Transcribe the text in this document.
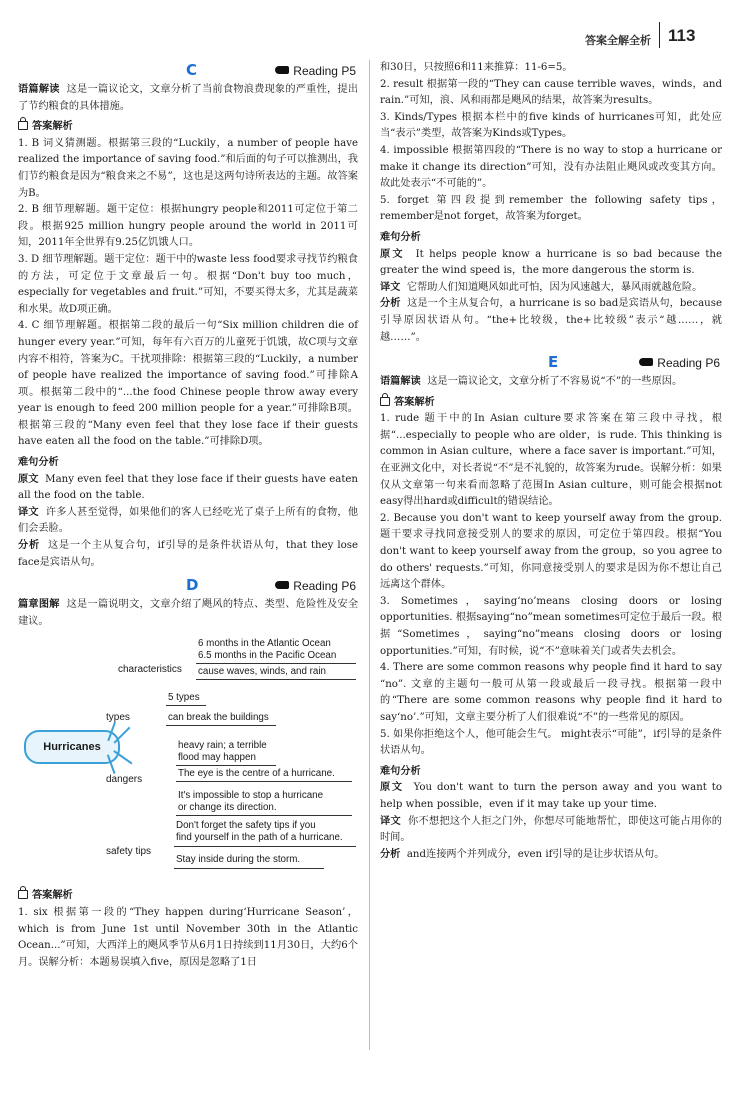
答案全解全析 113
C	Reading P5

语篇解读 这是一篇议论文，文章分析了当前食物浪费现象的严重性，提出了节约粮食的具体措施。

答案解析

1. B 词义猜测题。根据第三段的“Luckily，a number of people have realized the importance of saving food.”和后面的句子可以推测出，我们节约粮食是因为“粮食来之不易”，这也是这两句诗所表达的主题。故答案为B。

2. B 细节理解题。题干定位：根据hungry people和2011可定位于第二段。根据925 million hungry people around the world in 2011可知，2011年全世界有9.25亿饥饿人口。

3. D 细节理解题。题干定位：题干中的waste less food要求寻找节约粮食的方法，可定位于文章最后一句。根据“Don't buy too much，especially for vegetables and fruit.”可知，不要买得太多，尤其是蔬菜和水果。故D项正确。

4. C 细节理解题。根据第二段的最后一句“Six million children die of hunger every year.”可知，每年有六百万的儿童死于饥饿，故C项与文章内容不相符，答案为C。干扰项排除：根据第三段的“Luckily，a number of people have realized the importance of saving food.”可排除A项。根据第二段中的“...the food Chinese people throw away every year is enough to feed 200 million people for a year.”可排除B项。根据第三段的“Many even feel that they lose face if their guests have eaten all the food on the table.”可排除D项。

难句分析

原文 Many even feel that they lose face if their guests have eaten all the food on the table.

译文 许多人甚至觉得，如果他们的客人已经吃光了桌子上所有的食物，他们会丢脸。

分析 这是一个主从复合句，if引导的是条件状语从句，that they lose face是宾语从句。

D	Reading P6

篇章图解 这是一篇说明文，文章介绍了飓风的特点、类型、危险性及安全建议。

Hurricanes
characteristics
6 months in the Atlantic Ocean
6.5 months in the Pacific Ocean
cause waves, winds, and rain
types
5 types
can break the buildings
dangers
heavy rain; a terrible
flood may happen
The eye is the centre of a hurricane.
It's impossible to stop a hurricane
or change its direction.
safety tips
Don't forget the safety tips if you
find yourself in the path of a hurricane.
Stay inside during the storm.
答案解析

1. six 根据第一段的“They happen during‘Hurricane Season’，which is from June 1st until November 30th in the Atlantic Ocean...”可知，大西洋上的飓风季节从6月1日持续到11月30日，大约6个月。误解分析：本题易误填入five，原因是忽略了1日

和30日，只按照6和11来推算：11-6=5。

2. result 根据第一段的“They can cause terrible waves，winds，and rain.”可知，浪、风和雨都是飓风的结果，故答案为results。

3. Kinds/Types 根据本栏中的five kinds of hurricanes可知，此处应当“表示”类型，故答案为Kinds或Types。

4. impossible 根据第四段的“There is no way to stop a hurricane or make it change its direction”可知，没有办法阻止飓风或改变其方向。故此处表示“不可能的”。

5. forget 第四段提到remember the following safety tips，remember是not forget，故答案为forget。

难句分析

原文 It helps people know a hurricane is so bad because the greater the wind speed is，the more dangerous the storm is.

译文 它帮助人们知道飓风如此可怕，因为风速越大，暴风雨就越危险。

分析 这是一个主从复合句，a hurricane is so bad是宾语从句，because引导原因状语从句。“the+比较级，the+比较级”表示“越……，就越……”。

E	Reading P6

语篇解读 这是一篇议论文，文章分析了不容易说“不”的一些原因。

答案解析

1. rude 题干中的In Asian culture要求答案在第三段中寻找，根据“...especially to people who are older，is rude. This thinking is common in Asian culture，where a face saver is important.”可知，在亚洲文化中，对长者说“不”是不礼貌的，故答案为rude。误解分析：如果仅从文章第一句来看而忽略了范围In Asian culture，则可能会根据not easy得出hard或difficult的错误结论。

2. Because you don't want to keep yourself away from the group. 题干要求寻找同意接受别人的要求的原因，可定位于第四段。根据“You don't want to keep yourself away from the group，so you agree to do others' requests.”可知，你同意接受别人的要求是因为你不想让自己远离这个群体。

3. Sometimes，saying‘no’means closing doors or losing opportunities. 根据saying“no”mean sometimes可定位于最后一段。根据“Sometimes，saying“no”means closing doors or losing opportunities.”可知，有时候，说“不”意味着关门或者失去机会。

4. There are some common reasons why people find it hard to say “no”. 文章的主题句一般可从第一段或最后一段寻找。根据第一段中的“There are some common reasons why people find it hard to say‘no’.”可知，文章主要分析了人们很难说“不”的一些常见的原因。

5. 如果你拒绝这个人，他可能会生气。 might表示“可能”，if引导的是条件状语从句。

难句分析

原文 You don't want to turn the person away and you want to help when possible，even if it may take up your time.

译文 你不想把这个人拒之门外，你想尽可能地帮忙，即使这可能占用你的时间。

分析 and连接两个并列成分，even if引导的是让步状语从句。
